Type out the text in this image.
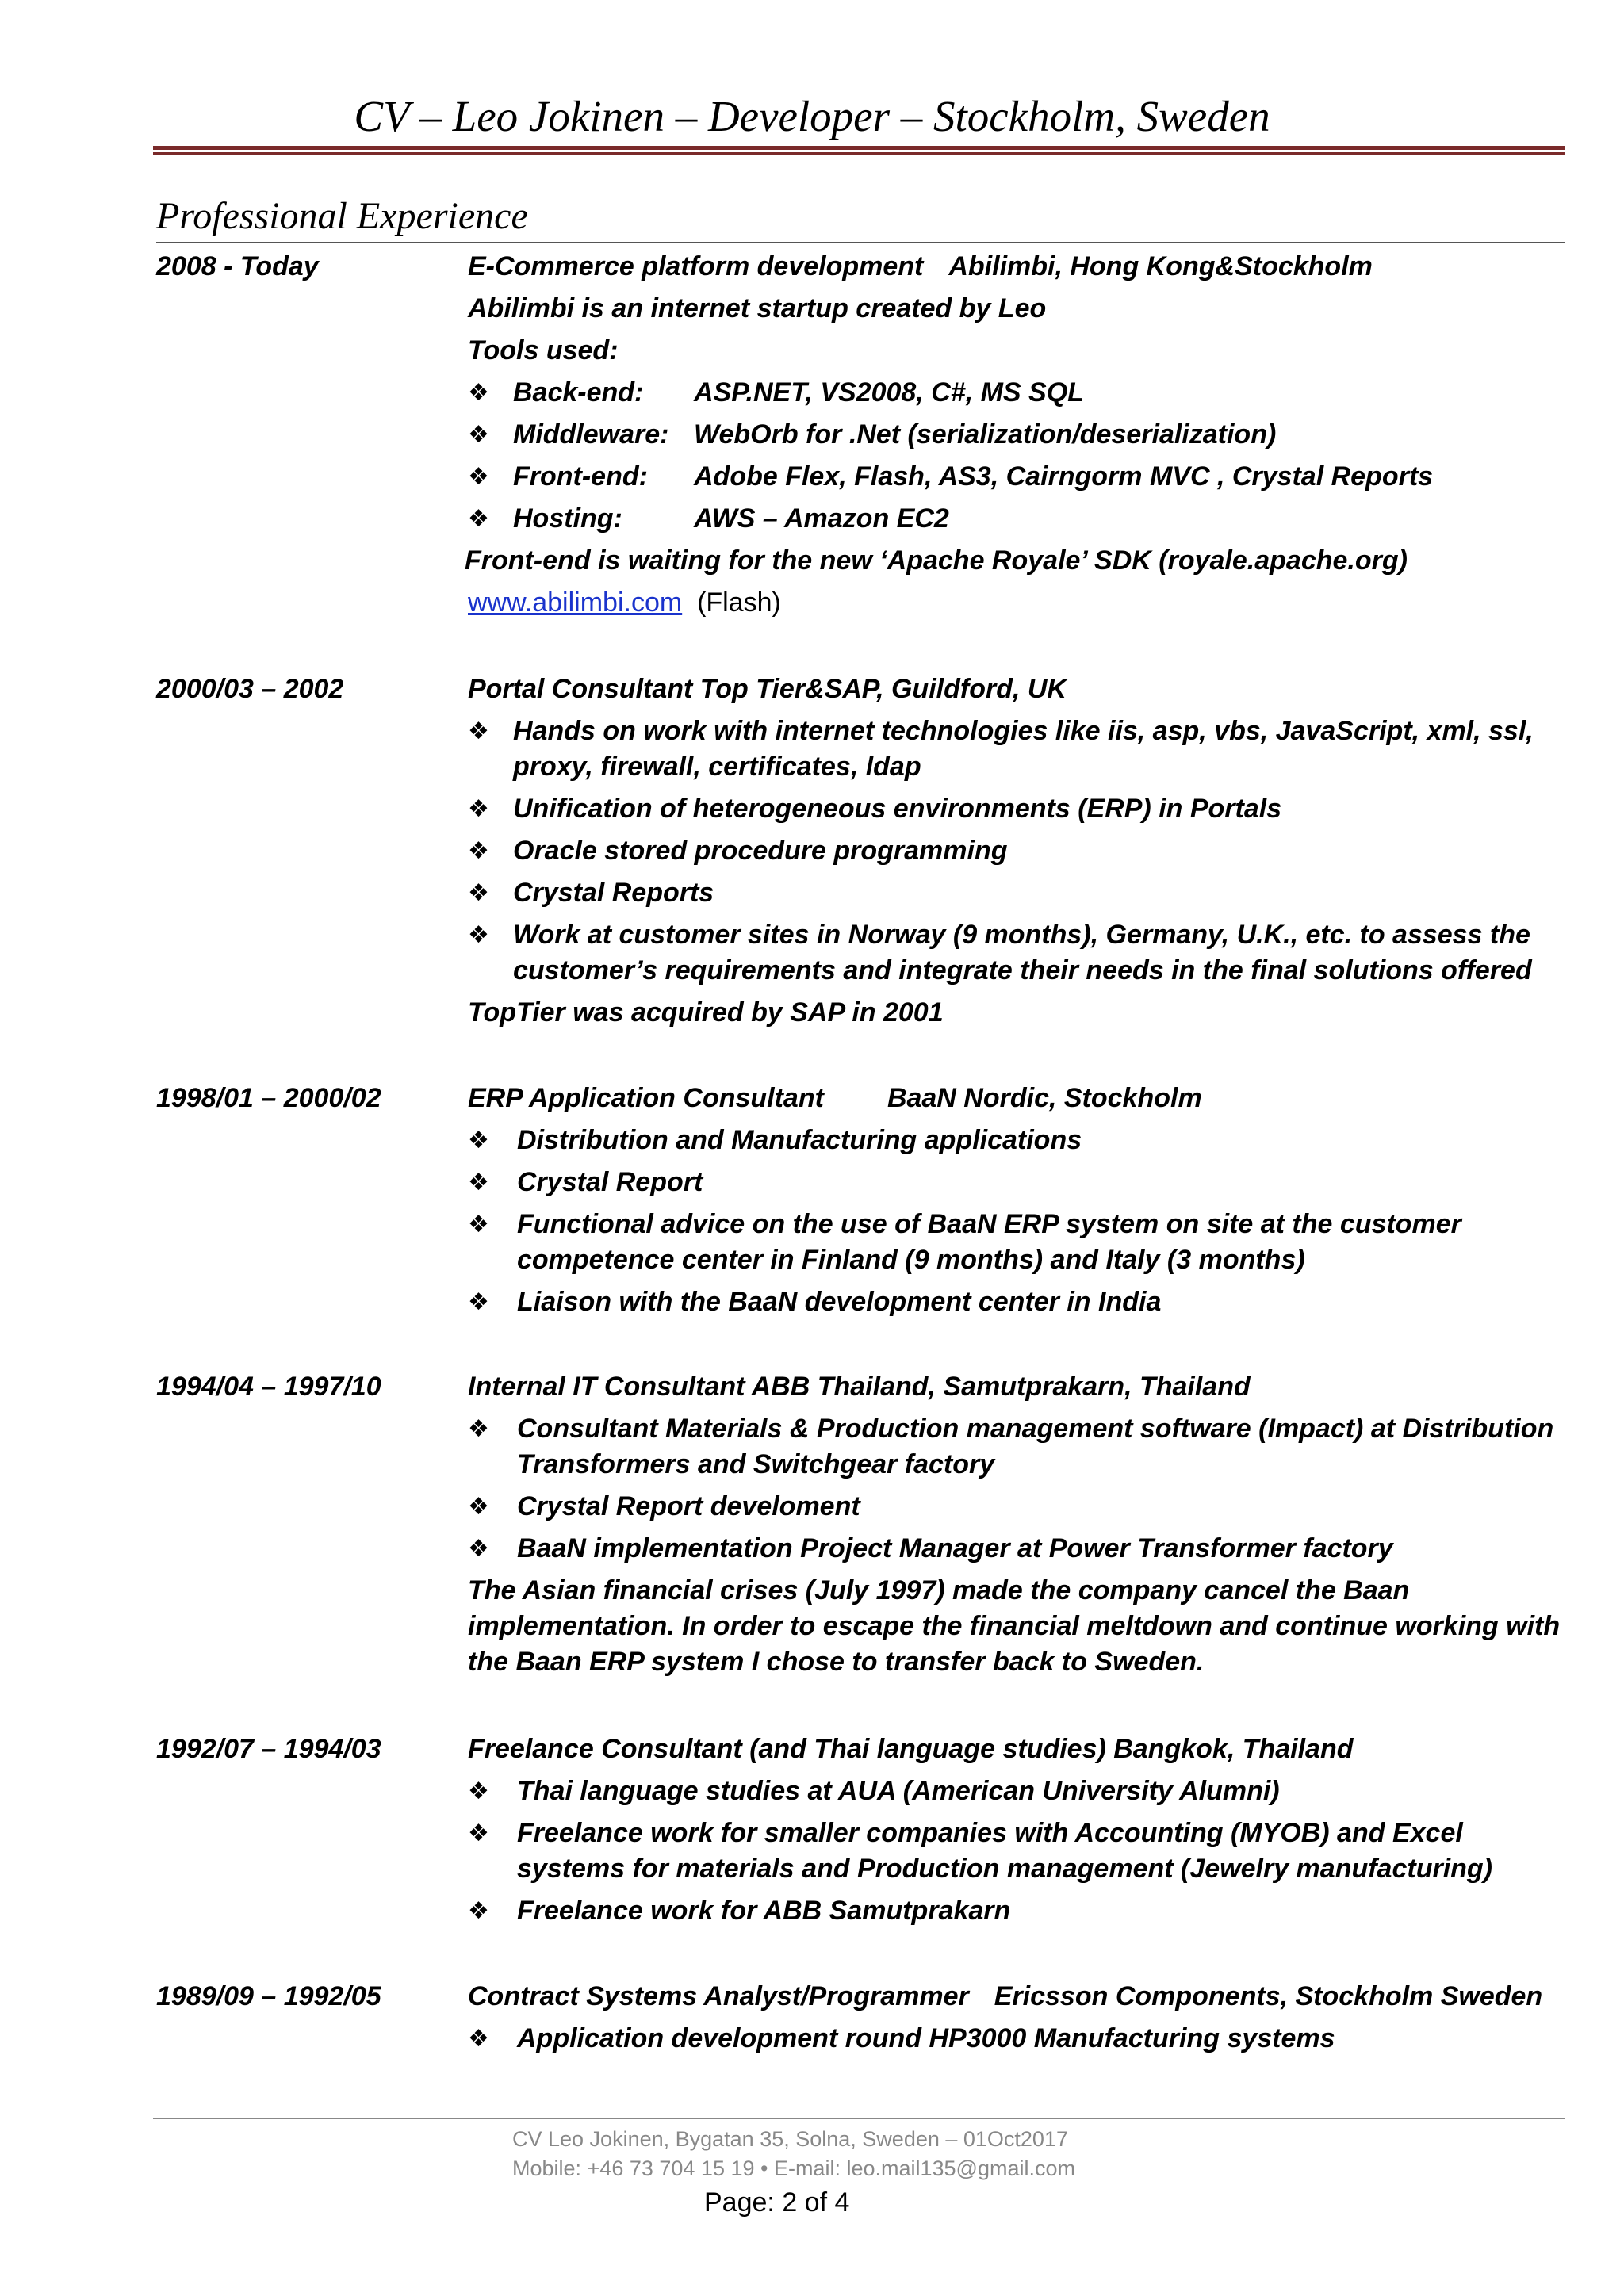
CV – Leo Jokinen – Developer – Stockholm, Sweden
Professional Experience
2008 - Today	E-Commerce platform development Abilimbi, Hong Kong&Stockholm
Abilimbi is an internet startup created by Leo
Tools used:
❖ Back-end: ASP.NET, VS2008, C#, MS SQL
❖ Middleware: WebOrb for .Net (serialization/deserialization)
❖ Front-end: Adobe Flex, Flash, AS3, Cairngorm MVC , Crystal Reports
❖ Hosting:	AWS – Amazon EC2
Front-end is waiting for the new ‘Apache Royale’ SDK (royale.apache.org)
www.abilimbi.com (Flash)
2000/03 – 2002	Portal Consultant Top Tier&SAP, Guildford, UK
❖ Hands on work with internet technologies like iis, asp, vbs, JavaScript, xml, ssl, proxy, firewall, certificates, ldap
❖ Unification of heterogeneous environments (ERP) in Portals
❖ Oracle stored procedure programming
❖ Crystal Reports
❖ Work at customer sites in Norway (9 months), Germany, U.K., etc. to assess the customer’s requirements and integrate their needs in the final solutions offered
TopTier was acquired by SAP in 2001
1998/01 – 2000/02	ERP Application Consultant BaaN Nordic, Stockholm
❖ Distribution and Manufacturing applications
❖ Crystal Report
❖ Functional advice on the use of BaaN ERP system on site at the customer competence center in Finland (9 months) and Italy (3 months)
❖ Liaison with the BaaN development center in India
1994/04 – 1997/10	Internal IT Consultant ABB Thailand, Samutprakarn, Thailand
❖ Consultant Materials & Production management software (Impact) at Distribution Transformers and Switchgear factory
❖ Crystal Report develoment
❖ BaaN implementation Project Manager at Power Transformer factory
The Asian financial crises (July 1997) made the company cancel the Baan implementation. In order to escape the financial meltdown and continue working with the Baan ERP system I chose to transfer back to Sweden.
1992/07 – 1994/03	Freelance Consultant (and Thai language studies) Bangkok, Thailand
❖ Thai language studies at AUA (American University Alumni)
❖ Freelance work for smaller companies with Accounting (MYOB) and Excel systems for materials and Production management (Jewelry manufacturing)
❖ Freelance work for ABB Samutprakarn
1989/09 – 1992/05	Contract Systems Analyst/Programmer Ericsson Components, Stockholm Sweden
❖ Application development round HP3000 Manufacturing systems
CV Leo Jokinen, Bygatan 35, Solna, Sweden – 01Oct2017
Mobile: +46 73 704 15 19 • E-mail: leo.mail135@gmail.com
Page: 2 of 4
